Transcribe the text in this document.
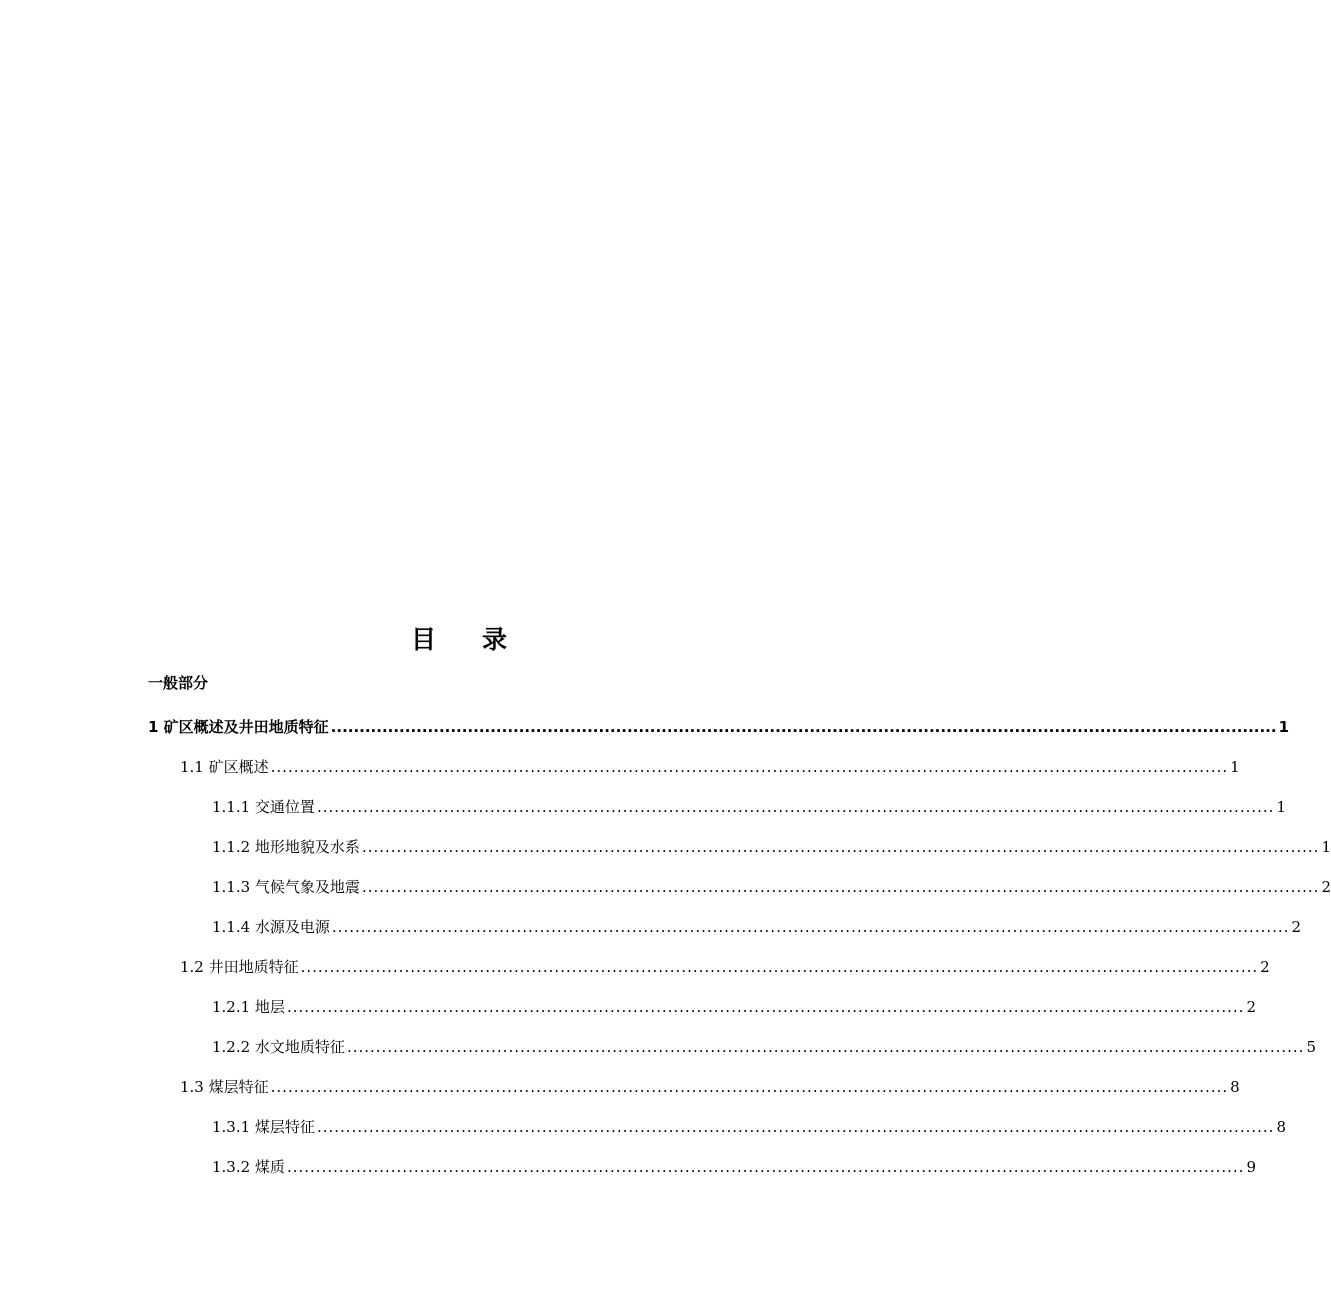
目 录
一般部分
1 矿区概述及井田地质特征 ...................................................................................................................................................................... 1
1.1 矿区概述 ...................................................................................................................................................................... 1
1.1.1 交通位置 ...................................................................................................................................................................... 1
1.1.2 地形地貌及水系 ...................................................................................................................................................................... 1
1.1.3 气候气象及地震 ...................................................................................................................................................................... 2
1.1.4 水源及电源 ...................................................................................................................................................................... 2
1.2 井田地质特征 ...................................................................................................................................................................... 2
1.2.1 地层 ...................................................................................................................................................................... 2
1.2.2 水文地质特征 ...................................................................................................................................................................... 5
1.3 煤层特征 ...................................................................................................................................................................... 8
1.3.1 煤层特征 ...................................................................................................................................................................... 8
1.3.2 煤质 ...................................................................................................................................................................... 9
